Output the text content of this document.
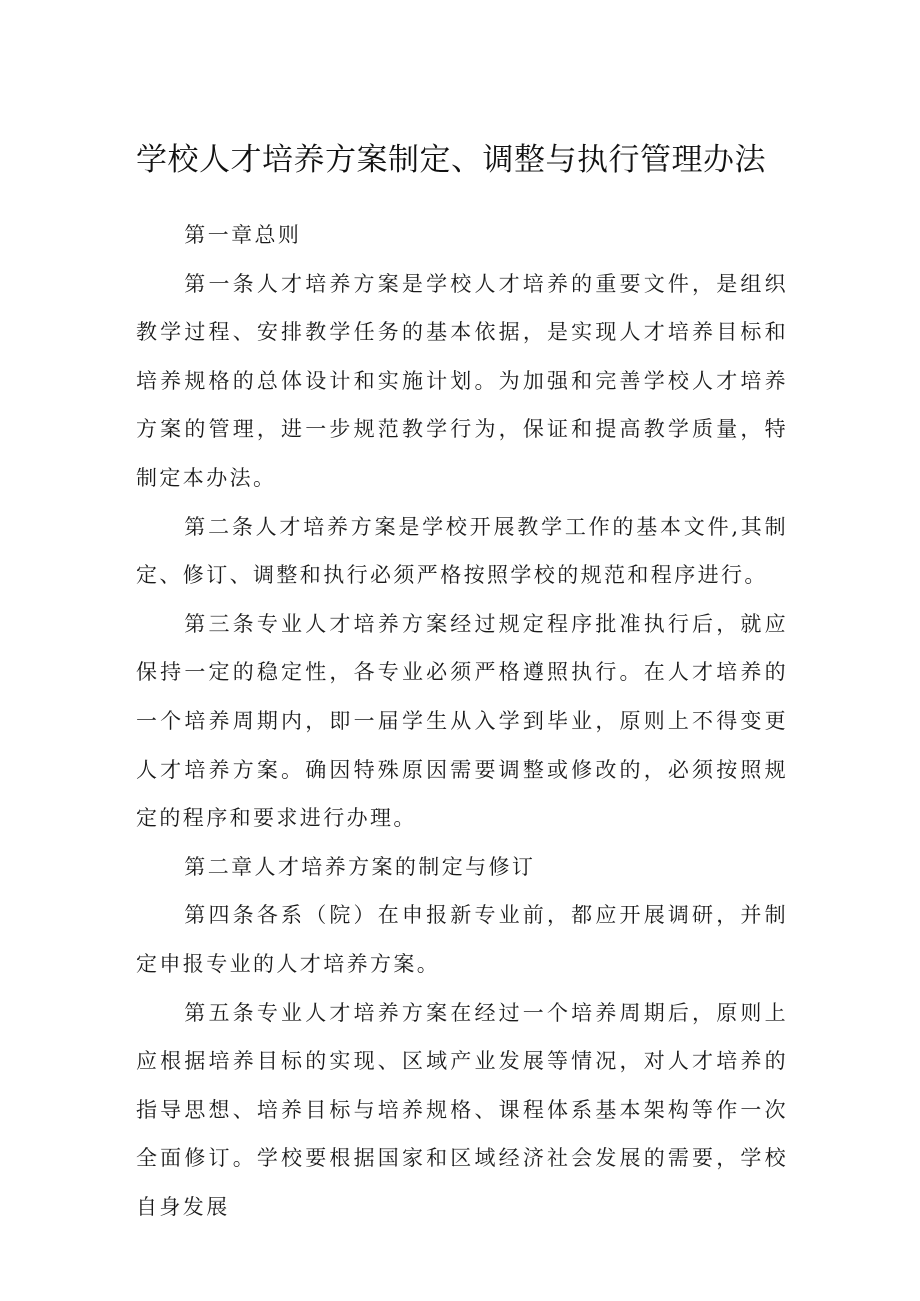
学校人才培养方案制定、调整与执行管理办法

第一章总则

第一条人才培养方案是学校人才培养的重要文件，是组织教学过程、安排教学任务的基本依据，是实现人才培养目标和培养规格的总体设计和实施计划。为加强和完善学校人才培养方案的管理，进一步规范教学行为，保证和提高教学质量，特制定本办法。

第二条人才培养方案是学校开展教学工作的基本文件,其制定、修订、调整和执行必须严格按照学校的规范和程序进行。

第三条专业人才培养方案经过规定程序批准执行后，就应保持一定的稳定性，各专业必须严格遵照执行。在人才培养的一个培养周期内，即一届学生从入学到毕业，原则上不得变更人才培养方案。确因特殊原因需要调整或修改的，必须按照规定的程序和要求进行办理。

第二章人才培养方案的制定与修订

第四条各系（院）在申报新专业前，都应开展调研，并制定申报专业的人才培养方案。

第五条专业人才培养方案在经过一个培养周期后，原则上应根据培养目标的实现、区域产业发展等情况，对人才培养的指导思想、培养目标与培养规格、课程体系基本架构等作一次全面修订。学校要根据国家和区域经济社会发展的需要，学校自身发展
